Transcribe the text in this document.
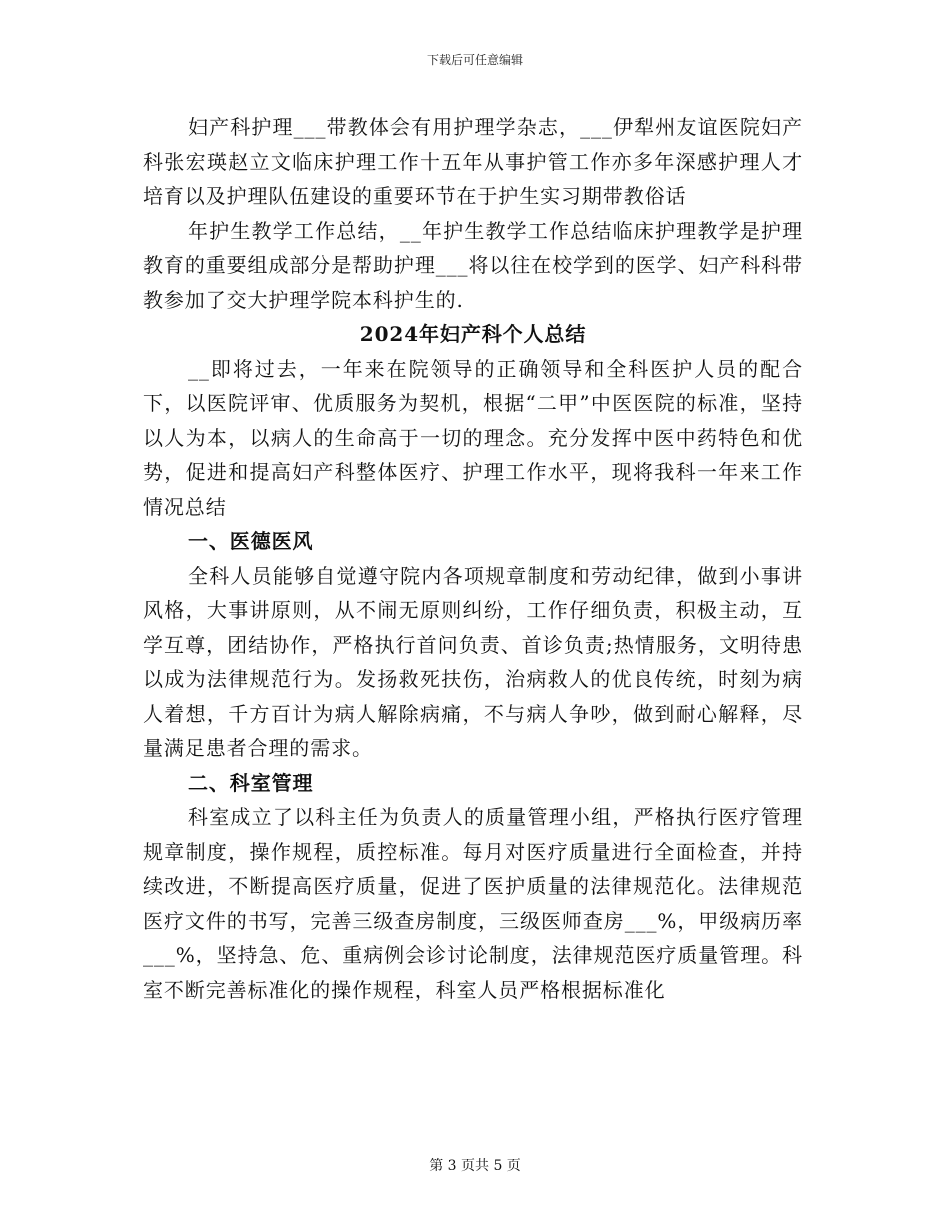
下载后可任意编辑

妇产科护理___带教体会有用护理学杂志，___伊犁州友谊医院妇产科张宏瑛赵立文临床护理工作十五年从事护管工作亦多年深感护理人才培育以及护理队伍建设的重要环节在于护生实习期带教俗话

年护生教学工作总结，__年护生教学工作总结临床护理教学是护理教育的重要组成部分是帮助护理___将以往在校学到的医学、妇产科科带教参加了交大护理学院本科护生的.

2024年妇产科个人总结

__即将过去，一年来在院领导的正确领导和全科医护人员的配合下，以医院评审、优质服务为契机，根据“二甲”中医医院的标准，坚持以人为本，以病人的生命高于一切的理念。充分发挥中医中药特色和优势，促进和提高妇产科整体医疗、护理工作水平，现将我科一年来工作情况总结

一、医德医风

全科人员能够自觉遵守院内各项规章制度和劳动纪律，做到小事讲风格，大事讲原则，从不闹无原则纠纷，工作仔细负责，积极主动，互学互尊，团结协作，严格执行首问负责、首诊负责;热情服务，文明待患以成为法律规范行为。发扬救死扶伤，治病救人的优良传统，时刻为病人着想，千方百计为病人解除病痛，不与病人争吵，做到耐心解释，尽量满足患者合理的需求。

二、科室管理

科室成立了以科主任为负责人的质量管理小组，严格执行医疗管理规章制度，操作规程，质控标准。每月对医疗质量进行全面检查，并持续改进，不断提高医疗质量，促进了医护质量的法律规范化。法律规范医疗文件的书写，完善三级查房制度，三级医师查房___%，甲级病历率___%，坚持急、危、重病例会诊讨论制度，法律规范医疗质量管理。科室不断完善标准化的操作规程，科室人员严格根据标准化

第 3 页共 5 页
